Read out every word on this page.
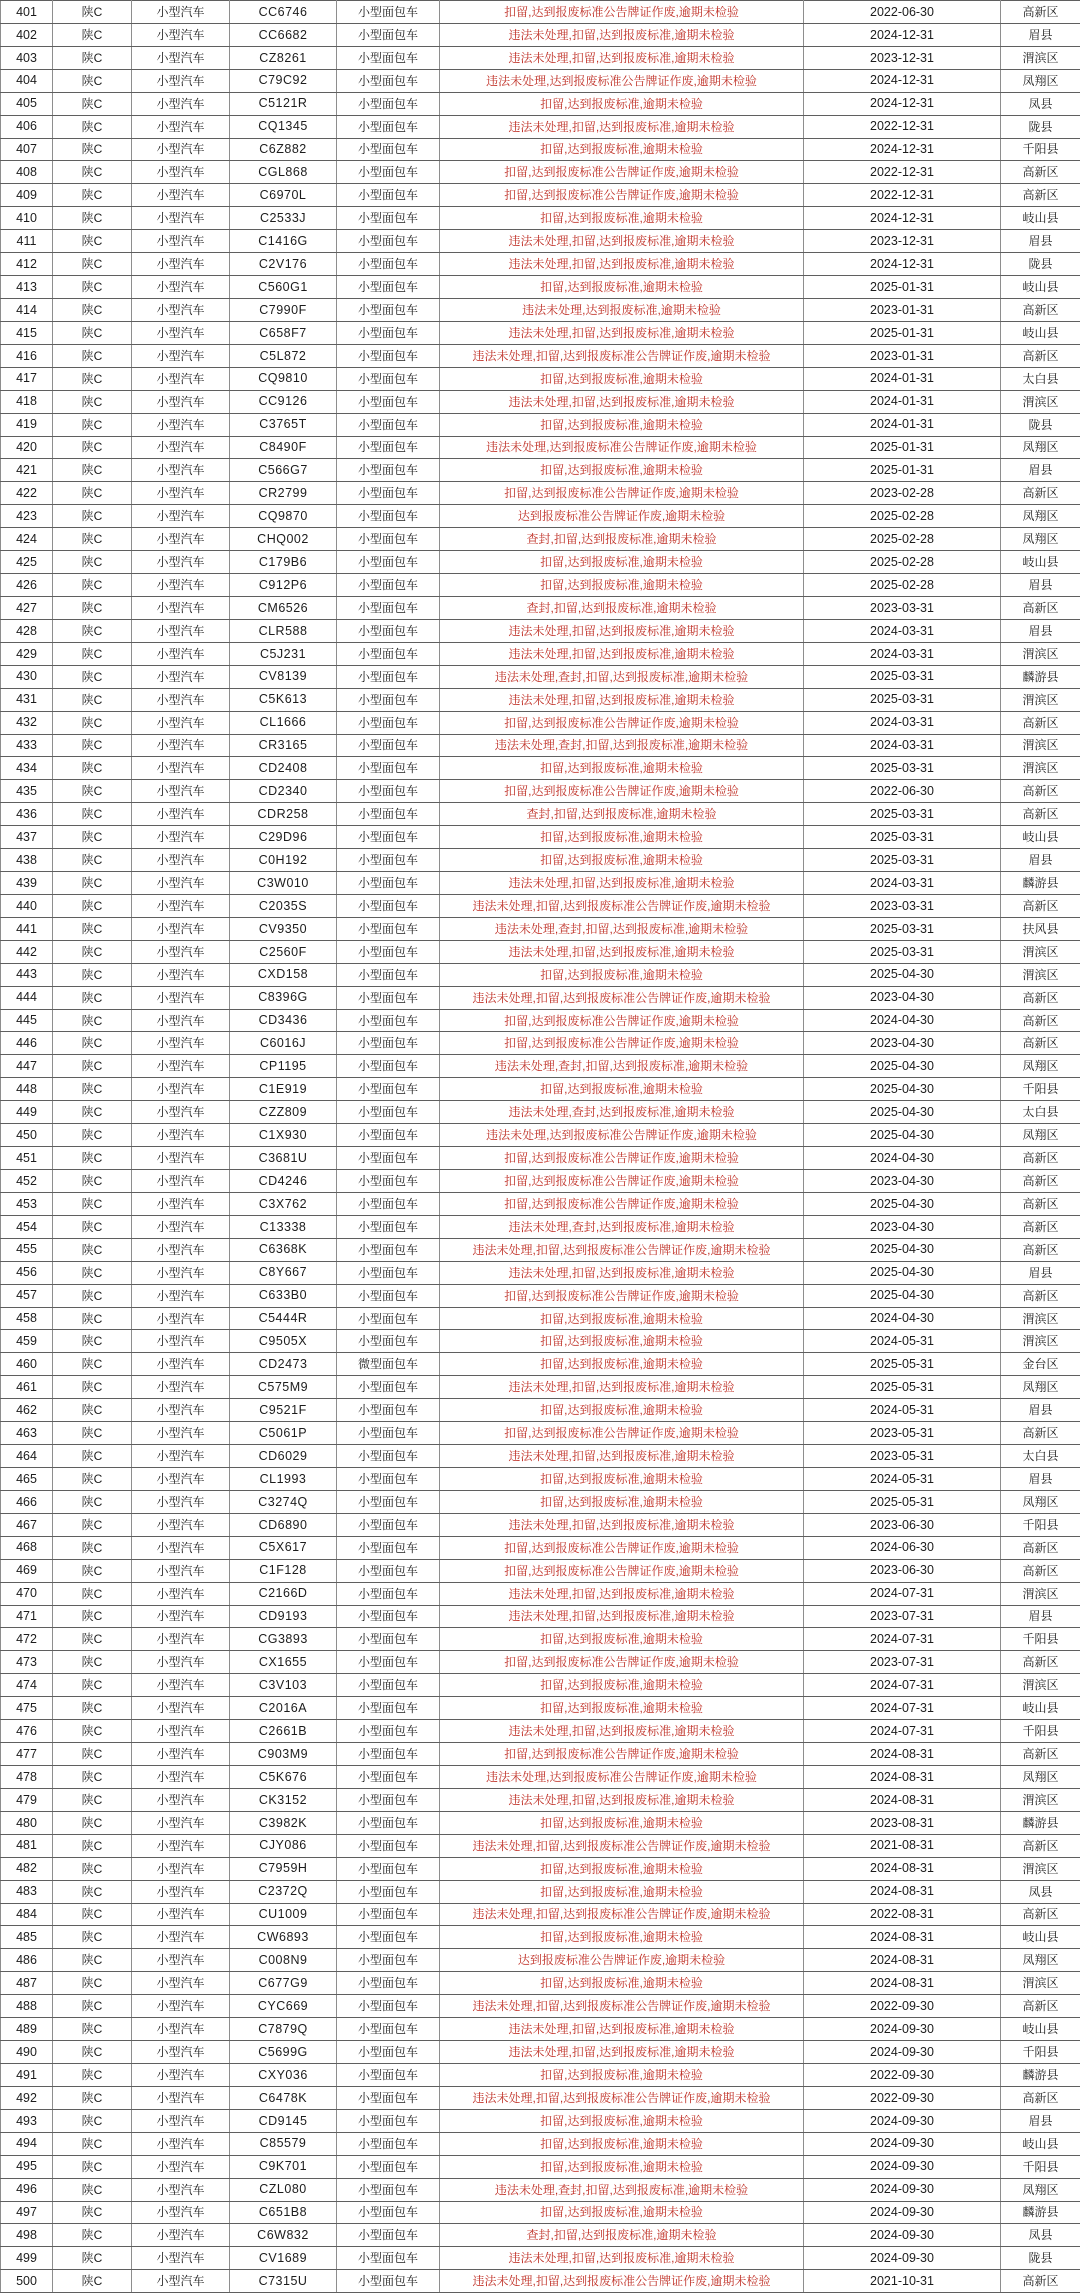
401	陕C	小型汽车	CC6746	小型面包车	扣留,达到报废标准公告牌证作废,逾期未检验	2022-06-30	高新区
402	陕C	小型汽车	CC6682	小型面包车	违法未处理,扣留,达到报废标准,逾期未检验	2024-12-31	眉县
403	陕C	小型汽车	CZ8261	小型面包车	违法未处理,扣留,达到报废标准,逾期未检验	2023-12-31	渭滨区
404	陕C	小型汽车	C79C92	小型面包车	违法未处理,达到报废标准公告牌证作废,逾期未检验	2024-12-31	凤翔区
405	陕C	小型汽车	C5121R	小型面包车	扣留,达到报废标准,逾期未检验	2024-12-31	凤县
406	陕C	小型汽车	CQ1345	小型面包车	违法未处理,扣留,达到报废标准,逾期未检验	2022-12-31	陇县
407	陕C	小型汽车	C6Z882	小型面包车	扣留,达到报废标准,逾期未检验	2024-12-31	千阳县
408	陕C	小型汽车	CGL868	小型面包车	扣留,达到报废标准公告牌证作废,逾期未检验	2022-12-31	高新区
409	陕C	小型汽车	C6970L	小型面包车	扣留,达到报废标准公告牌证作废,逾期未检验	2022-12-31	高新区
410	陕C	小型汽车	C2533J	小型面包车	扣留,达到报废标准,逾期未检验	2024-12-31	岐山县
411	陕C	小型汽车	C1416G	小型面包车	违法未处理,扣留,达到报废标准,逾期未检验	2023-12-31	眉县
412	陕C	小型汽车	C2V176	小型面包车	违法未处理,扣留,达到报废标准,逾期未检验	2024-12-31	陇县
413	陕C	小型汽车	C560G1	小型面包车	扣留,达到报废标准,逾期未检验	2025-01-31	岐山县
414	陕C	小型汽车	C7990F	小型面包车	违法未处理,达到报废标准,逾期未检验	2023-01-31	高新区
415	陕C	小型汽车	C658F7	小型面包车	违法未处理,扣留,达到报废标准,逾期未检验	2025-01-31	岐山县
416	陕C	小型汽车	C5L872	小型面包车	违法未处理,扣留,达到报废标准公告牌证作废,逾期未检验	2023-01-31	高新区
417	陕C	小型汽车	CQ9810	小型面包车	扣留,达到报废标准,逾期未检验	2024-01-31	太白县
418	陕C	小型汽车	CC9126	小型面包车	违法未处理,扣留,达到报废标准,逾期未检验	2024-01-31	渭滨区
419	陕C	小型汽车	C3765T	小型面包车	扣留,达到报废标准,逾期未检验	2024-01-31	陇县
420	陕C	小型汽车	C8490F	小型面包车	违法未处理,达到报废标准公告牌证作废,逾期未检验	2025-01-31	凤翔区
421	陕C	小型汽车	C566G7	小型面包车	扣留,达到报废标准,逾期未检验	2025-01-31	眉县
422	陕C	小型汽车	CR2799	小型面包车	扣留,达到报废标准公告牌证作废,逾期未检验	2023-02-28	高新区
423	陕C	小型汽车	CQ9870	小型面包车	达到报废标准公告牌证作废,逾期未检验	2025-02-28	凤翔区
424	陕C	小型汽车	CHQ002	小型面包车	查封,扣留,达到报废标准,逾期未检验	2025-02-28	凤翔区
425	陕C	小型汽车	C179B6	小型面包车	扣留,达到报废标准,逾期未检验	2025-02-28	岐山县
426	陕C	小型汽车	C912P6	小型面包车	扣留,达到报废标准,逾期未检验	2025-02-28	眉县
427	陕C	小型汽车	CM6526	小型面包车	查封,扣留,达到报废标准,逾期未检验	2023-03-31	高新区
428	陕C	小型汽车	CLR588	小型面包车	违法未处理,扣留,达到报废标准,逾期未检验	2024-03-31	眉县
429	陕C	小型汽车	C5J231	小型面包车	违法未处理,扣留,达到报废标准,逾期未检验	2024-03-31	渭滨区
430	陕C	小型汽车	CV8139	小型面包车	违法未处理,查封,扣留,达到报废标准,逾期未检验	2025-03-31	麟游县
431	陕C	小型汽车	C5K613	小型面包车	违法未处理,扣留,达到报废标准,逾期未检验	2025-03-31	渭滨区
432	陕C	小型汽车	CL1666	小型面包车	扣留,达到报废标准公告牌证作废,逾期未检验	2024-03-31	高新区
433	陕C	小型汽车	CR3165	小型面包车	违法未处理,查封,扣留,达到报废标准,逾期未检验	2024-03-31	渭滨区
434	陕C	小型汽车	CD2408	小型面包车	扣留,达到报废标准,逾期未检验	2025-03-31	渭滨区
435	陕C	小型汽车	CD2340	小型面包车	扣留,达到报废标准公告牌证作废,逾期未检验	2022-06-30	高新区
436	陕C	小型汽车	CDR258	小型面包车	查封,扣留,达到报废标准,逾期未检验	2025-03-31	高新区
437	陕C	小型汽车	C29D96	小型面包车	扣留,达到报废标准,逾期未检验	2025-03-31	岐山县
438	陕C	小型汽车	C0H192	小型面包车	扣留,达到报废标准,逾期未检验	2025-03-31	眉县
439	陕C	小型汽车	C3W010	小型面包车	违法未处理,扣留,达到报废标准,逾期未检验	2024-03-31	麟游县
440	陕C	小型汽车	C2035S	小型面包车	违法未处理,扣留,达到报废标准公告牌证作废,逾期未检验	2023-03-31	高新区
441	陕C	小型汽车	CV9350	小型面包车	违法未处理,查封,扣留,达到报废标准,逾期未检验	2025-03-31	扶风县
442	陕C	小型汽车	C2560F	小型面包车	违法未处理,扣留,达到报废标准,逾期未检验	2025-03-31	渭滨区
443	陕C	小型汽车	CXD158	小型面包车	扣留,达到报废标准,逾期未检验	2025-04-30	渭滨区
444	陕C	小型汽车	C8396G	小型面包车	违法未处理,扣留,达到报废标准公告牌证作废,逾期未检验	2023-04-30	高新区
445	陕C	小型汽车	CD3436	小型面包车	扣留,达到报废标准公告牌证作废,逾期未检验	2024-04-30	高新区
446	陕C	小型汽车	C6016J	小型面包车	扣留,达到报废标准公告牌证作废,逾期未检验	2023-04-30	高新区
447	陕C	小型汽车	CP1195	小型面包车	违法未处理,查封,扣留,达到报废标准,逾期未检验	2025-04-30	凤翔区
448	陕C	小型汽车	C1E919	小型面包车	扣留,达到报废标准,逾期未检验	2025-04-30	千阳县
449	陕C	小型汽车	CZZ809	小型面包车	违法未处理,查封,达到报废标准,逾期未检验	2025-04-30	太白县
450	陕C	小型汽车	C1X930	小型面包车	违法未处理,达到报废标准公告牌证作废,逾期未检验	2025-04-30	凤翔区
451	陕C	小型汽车	C3681U	小型面包车	扣留,达到报废标准公告牌证作废,逾期未检验	2024-04-30	高新区
452	陕C	小型汽车	CD4246	小型面包车	扣留,达到报废标准公告牌证作废,逾期未检验	2023-04-30	高新区
453	陕C	小型汽车	C3X762	小型面包车	扣留,达到报废标准公告牌证作废,逾期未检验	2025-04-30	高新区
454	陕C	小型汽车	C13338	小型面包车	违法未处理,查封,达到报废标准,逾期未检验	2023-04-30	高新区
455	陕C	小型汽车	C6368K	小型面包车	违法未处理,扣留,达到报废标准公告牌证作废,逾期未检验	2025-04-30	高新区
456	陕C	小型汽车	C8Y667	小型面包车	违法未处理,扣留,达到报废标准,逾期未检验	2025-04-30	眉县
457	陕C	小型汽车	C633B0	小型面包车	扣留,达到报废标准公告牌证作废,逾期未检验	2025-04-30	高新区
458	陕C	小型汽车	C5444R	小型面包车	扣留,达到报废标准,逾期未检验	2024-04-30	渭滨区
459	陕C	小型汽车	C9505X	小型面包车	扣留,达到报废标准,逾期未检验	2024-05-31	渭滨区
460	陕C	小型汽车	CD2473	微型面包车	扣留,达到报废标准,逾期未检验	2025-05-31	金台区
461	陕C	小型汽车	C575M9	小型面包车	违法未处理,扣留,达到报废标准,逾期未检验	2025-05-31	凤翔区
462	陕C	小型汽车	C9521F	小型面包车	扣留,达到报废标准,逾期未检验	2024-05-31	眉县
463	陕C	小型汽车	C5061P	小型面包车	扣留,达到报废标准公告牌证作废,逾期未检验	2023-05-31	高新区
464	陕C	小型汽车	CD6029	小型面包车	违法未处理,扣留,达到报废标准,逾期未检验	2023-05-31	太白县
465	陕C	小型汽车	CL1993	小型面包车	扣留,达到报废标准,逾期未检验	2024-05-31	眉县
466	陕C	小型汽车	C3274Q	小型面包车	扣留,达到报废标准,逾期未检验	2025-05-31	凤翔区
467	陕C	小型汽车	CD6890	小型面包车	违法未处理,扣留,达到报废标准,逾期未检验	2023-06-30	千阳县
468	陕C	小型汽车	C5X617	小型面包车	扣留,达到报废标准公告牌证作废,逾期未检验	2024-06-30	高新区
469	陕C	小型汽车	C1F128	小型面包车	扣留,达到报废标准公告牌证作废,逾期未检验	2023-06-30	高新区
470	陕C	小型汽车	C2166D	小型面包车	违法未处理,扣留,达到报废标准,逾期未检验	2024-07-31	渭滨区
471	陕C	小型汽车	CD9193	小型面包车	违法未处理,扣留,达到报废标准,逾期未检验	2023-07-31	眉县
472	陕C	小型汽车	CG3893	小型面包车	扣留,达到报废标准,逾期未检验	2024-07-31	千阳县
473	陕C	小型汽车	CX1655	小型面包车	扣留,达到报废标准公告牌证作废,逾期未检验	2023-07-31	高新区
474	陕C	小型汽车	C3V103	小型面包车	扣留,达到报废标准,逾期未检验	2024-07-31	渭滨区
475	陕C	小型汽车	C2016A	小型面包车	扣留,达到报废标准,逾期未检验	2024-07-31	岐山县
476	陕C	小型汽车	C2661B	小型面包车	违法未处理,扣留,达到报废标准,逾期未检验	2024-07-31	千阳县
477	陕C	小型汽车	C903M9	小型面包车	扣留,达到报废标准公告牌证作废,逾期未检验	2024-08-31	高新区
478	陕C	小型汽车	C5K676	小型面包车	违法未处理,达到报废标准公告牌证作废,逾期未检验	2024-08-31	凤翔区
479	陕C	小型汽车	CK3152	小型面包车	违法未处理,扣留,达到报废标准,逾期未检验	2024-08-31	渭滨区
480	陕C	小型汽车	C3982K	小型面包车	扣留,达到报废标准,逾期未检验	2023-08-31	麟游县
481	陕C	小型汽车	CJY086	小型面包车	违法未处理,扣留,达到报废标准公告牌证作废,逾期未检验	2021-08-31	高新区
482	陕C	小型汽车	C7959H	小型面包车	扣留,达到报废标准,逾期未检验	2024-08-31	渭滨区
483	陕C	小型汽车	C2372Q	小型面包车	扣留,达到报废标准,逾期未检验	2024-08-31	凤县
484	陕C	小型汽车	CU1009	小型面包车	违法未处理,扣留,达到报废标准公告牌证作废,逾期未检验	2022-08-31	高新区
485	陕C	小型汽车	CW6893	小型面包车	扣留,达到报废标准,逾期未检验	2024-08-31	岐山县
486	陕C	小型汽车	C008N9	小型面包车	达到报废标准公告牌证作废,逾期未检验	2024-08-31	凤翔区
487	陕C	小型汽车	C677G9	小型面包车	扣留,达到报废标准,逾期未检验	2024-08-31	渭滨区
488	陕C	小型汽车	CYC669	小型面包车	违法未处理,扣留,达到报废标准公告牌证作废,逾期未检验	2022-09-30	高新区
489	陕C	小型汽车	C7879Q	小型面包车	违法未处理,扣留,达到报废标准,逾期未检验	2024-09-30	岐山县
490	陕C	小型汽车	C5699G	小型面包车	违法未处理,扣留,达到报废标准,逾期未检验	2024-09-30	千阳县
491	陕C	小型汽车	CXY036	小型面包车	扣留,达到报废标准,逾期未检验	2022-09-30	麟游县
492	陕C	小型汽车	C6478K	小型面包车	违法未处理,扣留,达到报废标准公告牌证作废,逾期未检验	2022-09-30	高新区
493	陕C	小型汽车	CD9145	小型面包车	扣留,达到报废标准,逾期未检验	2024-09-30	眉县
494	陕C	小型汽车	C85579	小型面包车	扣留,达到报废标准,逾期未检验	2024-09-30	岐山县
495	陕C	小型汽车	C9K701	小型面包车	扣留,达到报废标准,逾期未检验	2024-09-30	千阳县
496	陕C	小型汽车	CZL080	小型面包车	违法未处理,查封,扣留,达到报废标准,逾期未检验	2024-09-30	凤翔区
497	陕C	小型汽车	C651B8	小型面包车	扣留,达到报废标准,逾期未检验	2024-09-30	麟游县
498	陕C	小型汽车	C6W832	小型面包车	查封,扣留,达到报废标准,逾期未检验	2024-09-30	凤县
499	陕C	小型汽车	CV1689	小型面包车	违法未处理,扣留,达到报废标准,逾期未检验	2024-09-30	陇县
500	陕C	小型汽车	C7315U	小型面包车	违法未处理,扣留,达到报废标准公告牌证作废,逾期未检验	2021-10-31	高新区
